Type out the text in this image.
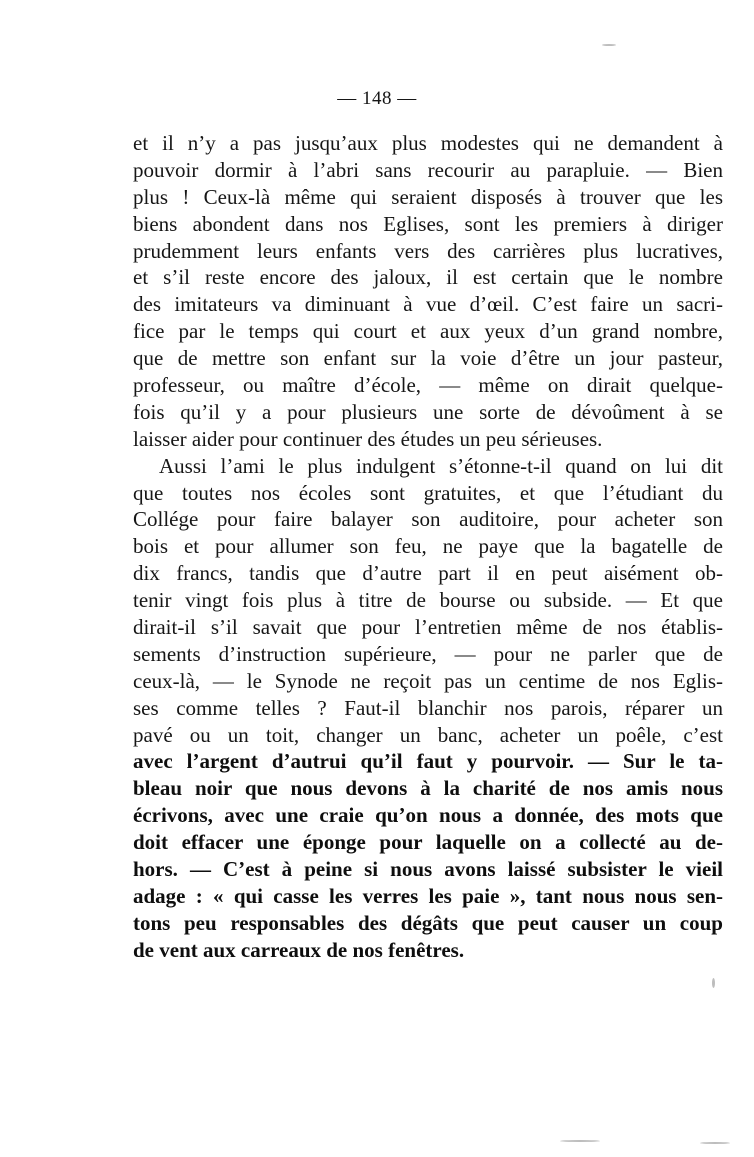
— 148 —
et il n’y a pas jusqu’aux plus modestes qui ne demandent à
pouvoir dormir à l’abri sans recourir au parapluie. — Bien
plus ! Ceux-là même qui seraient disposés à trouver que les
biens abondent dans nos Eglises, sont les premiers à diriger
prudemment leurs enfants vers des carrières plus lucratives,
et s’il reste encore des jaloux, il est certain que le nombre
des imitateurs va diminuant à vue d’œil. C’est faire un sacri-
fice par le temps qui court et aux yeux d’un grand nombre,
que de mettre son enfant sur la voie d’être un jour pasteur,
professeur, ou maître d’école, — même on dirait quelque-
fois qu’il y a pour plusieurs une sorte de dévoûment à se
laisser aider pour continuer des études un peu sérieuses.
Aussi l’ami le plus indulgent s’étonne-t-il quand on lui dit
que toutes nos écoles sont gratuites, et que l’étudiant du
Collége pour faire balayer son auditoire, pour acheter son
bois et pour allumer son feu, ne paye que la bagatelle de
dix francs, tandis que d’autre part il en peut aisément ob-
tenir vingt fois plus à titre de bourse ou subside. — Et que
dirait-il s’il savait que pour l’entretien même de nos établis-
sements d’instruction supérieure, — pour ne parler que de
ceux-là, — le Synode ne reçoit pas un centime de nos Eglis-
ses comme telles ? Faut-il blanchir nos parois, réparer un
pavé ou un toit, changer un banc, acheter un poêle, c’est
avec l’argent d’autrui qu’il faut y pourvoir. — Sur le ta-
bleau noir que nous devons à la charité de nos amis nous
écrivons, avec une craie qu’on nous a donnée, des mots que
doit effacer une éponge pour laquelle on a collecté au de-
hors. — C’est à peine si nous avons laissé subsister le vieil
adage : « qui casse les verres les paie », tant nous nous sen-
tons peu responsables des dégâts que peut causer un coup
de vent aux carreaux de nos fenêtres.
